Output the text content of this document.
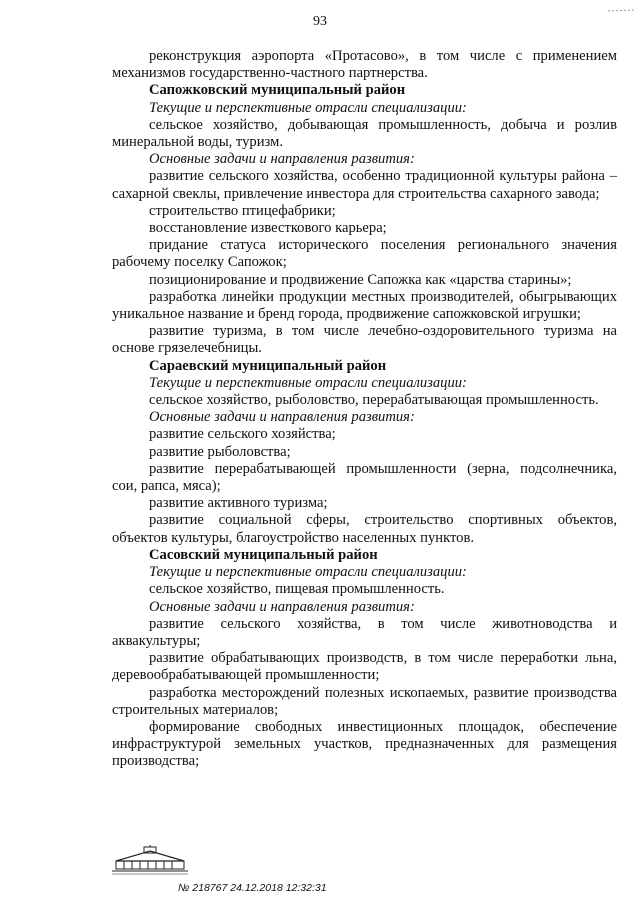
93

реконструкция аэропорта «Протасово», в том числе с применением механизмов государственно-частного партнерства.

Сапожковский муниципальный район

Текущие и перспективные отрасли специализации:

сельское хозяйство, добывающая промышленность, добыча и розлив минеральной воды, туризм.

Основные задачи и направления развития:

развитие сельского хозяйства, особенно традиционной культуры района – сахарной свеклы, привлечение инвестора для строительства сахарного завода;

строительство птицефабрики;

восстановление известкового карьера;

придание статуса исторического поселения регионального значения рабочему поселку Сапожок;

позиционирование и продвижение Сапожка как «царства старины»;

разработка линейки продукции местных производителей, обыгрывающих уникальное название и бренд города, продвижение сапожковской игрушки;

развитие туризма, в том числе лечебно-оздоровительного туризма на основе грязелечебницы.

Сараевский муниципальный район

Текущие и перспективные отрасли специализации:

сельское хозяйство, рыболовство, перерабатывающая промышленность.

Основные задачи и направления развития:

развитие сельского хозяйства;

развитие рыболовства;

развитие перерабатывающей промышленности (зерна, подсолнечника, сои, рапса, мяса);

развитие активного туризма;

развитие социальной сферы, строительство спортивных объектов, объектов культуры, благоустройство населенных пунктов.

Сасовский муниципальный район

Текущие и перспективные отрасли специализации:

сельское хозяйство, пищевая промышленность.

Основные задачи и направления развития:

развитие сельского хозяйства, в том числе животноводства и аквакультуры;

развитие обрабатывающих производств, в том числе переработки льна, деревообрабатывающей промышленности;

разработка месторождений полезных ископаемых, развитие производства строительных материалов;

формирование свободных инвестиционных площадок, обеспечение инфраструктурой земельных участков, предназначенных для размещения производства;

№ 218767 24.12.2018 12:32:31
